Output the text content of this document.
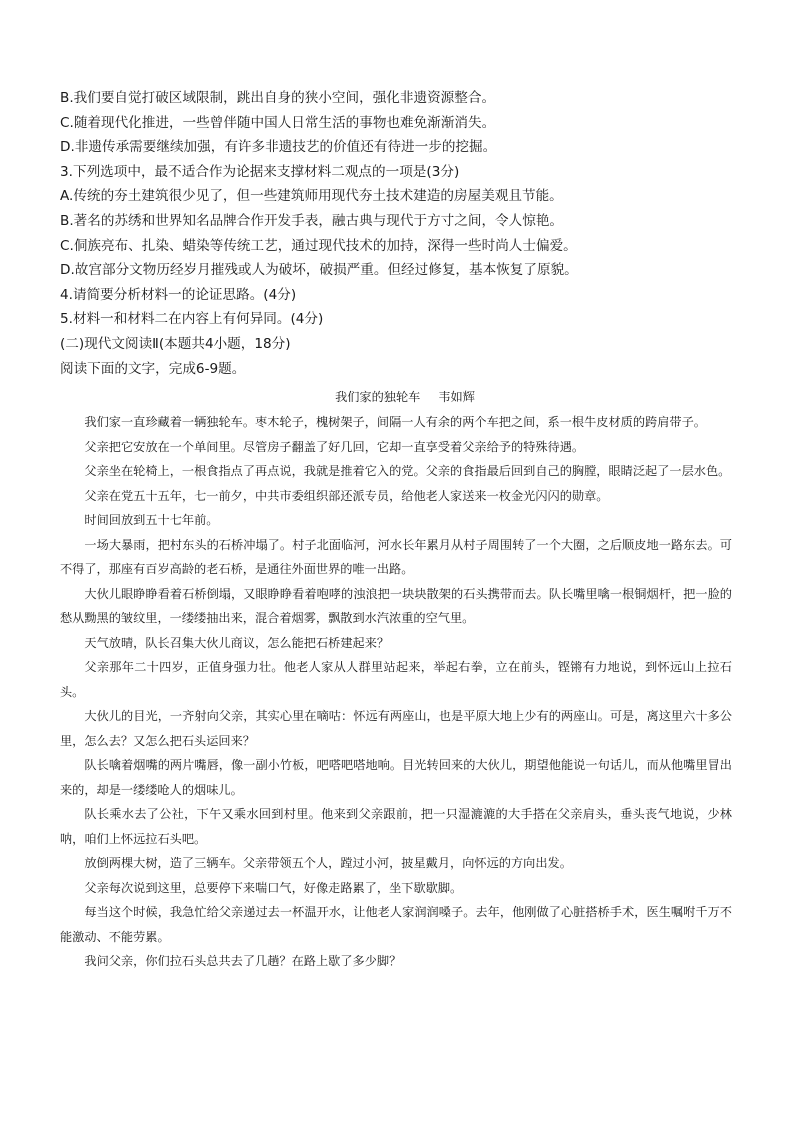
B.我们要自觉打破区域限制，跳出自身的狭小空间，强化非遗资源整合。

C.随着现代化推进，一些曾伴随中国人日常生活的事物也难免渐渐消失。

D.非遗传承需要继续加强，有许多非遗技艺的价值还有待进一步的挖掘。

3.下列选项中，最不适合作为论据来支撑材料二观点的一项是(3分)

A.传统的夯土建筑很少见了，但一些建筑师用现代夯土技术建造的房屋美观且节能。

B.著名的苏绣和世界知名品牌合作开发手表，融古典与现代于方寸之间，令人惊艳。

C.侗族亮布、扎染、蜡染等传统工艺，通过现代技术的加持，深得一些时尚人士偏爱。

D.故宫部分文物历经岁月摧残或人为破坏，破损严重。但经过修复，基本恢复了原貌。

4.请简要分析材料一的论证思路。(4分)

5.材料一和材料二在内容上有何异同。(4分)

(二)现代文阅读Ⅱ(本题共4小题，18分)

阅读下面的文字，完成6-9题。

我们家的独轮车 韦如辉

我们家一直珍藏着一辆独轮车。枣木轮子，槐树架子，间隔一人有余的两个车把之间，系一根牛皮材质的跨肩带子。

父亲把它安放在一个单间里。尽管房子翻盖了好几回，它却一直享受着父亲给予的特殊待遇。

父亲坐在轮椅上，一根食指点了再点说，我就是推着它入的党。父亲的食指最后回到自己的胸膛，眼睛泛起了一层水色。

父亲在党五十五年，七一前夕，中共市委组织部还派专员，给他老人家送来一枚金光闪闪的勋章。

时间回放到五十七年前。

一场大暴雨，把村东头的石桥冲塌了。村子北面临河，河水长年累月从村子周围转了一个大圈，之后顺皮地一路东去。可不得了，那座有百岁高龄的老石桥，是通往外面世界的唯一出路。

大伙儿眼睁睁看着石桥倒塌，又眼睁睁看着咆哮的浊浪把一块块散架的石头携带而去。队长嘴里噙一根铜烟杆，把一脸的愁从黝黑的皱纹里，一缕缕抽出来，混合着烟雾，飘散到水汽浓重的空气里。

天气放晴，队长召集大伙儿商议，怎么能把石桥建起来？

父亲那年二十四岁，正值身强力壮。他老人家从人群里站起来，举起右拳，立在前头，铿锵有力地说，到怀远山上拉石头。

大伙儿的目光，一齐射向父亲，其实心里在嘀咕：怀远有两座山，也是平原大地上少有的两座山。可是，离这里六十多公里，怎么去？又怎么把石头运回来？

队长噙着烟嘴的两片嘴唇，像一副小竹板，吧嗒吧嗒地响。目光转回来的大伙儿，期望他能说一句话儿，而从他嘴里冒出来的，却是一缕缕呛人的烟味儿。

队长乘水去了公社，下午又乘水回到村里。他来到父亲跟前，把一只湿漉漉的大手搭在父亲肩头，垂头丧气地说，少林呐，咱们上怀远拉石头吧。

放倒两棵大树，造了三辆车。父亲带领五个人，蹚过小河，披星戴月，向怀远的方向出发。

父亲每次说到这里，总要停下来喘口气，好像走路累了，坐下歇歇脚。

每当这个时候，我急忙给父亲递过去一杯温开水，让他老人家润润嗓子。去年，他刚做了心脏搭桥手术，医生嘱咐千万不能激动、不能劳累。

我问父亲，你们拉石头总共去了几趟？在路上歇了多少脚？
